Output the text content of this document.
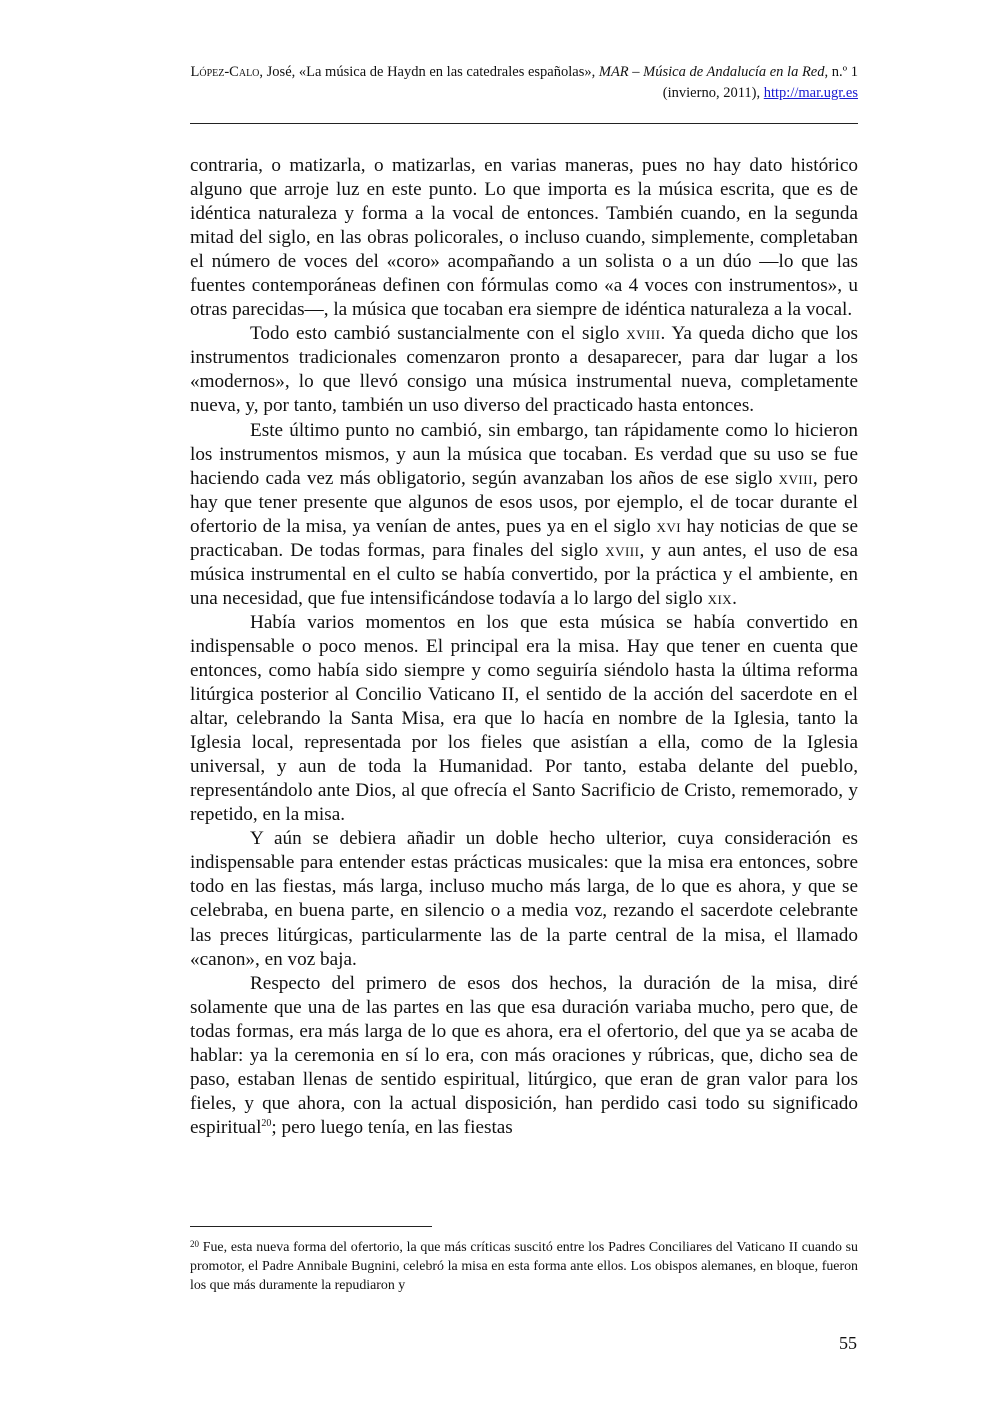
López-Calo, José, «La música de Haydn en las catedrales españolas», MAR – Música de Andalucía en la Red, n.º 1 (invierno, 2011), http://mar.ugr.es

contraria, o matizarla, o matizarlas, en varias maneras, pues no hay dato histórico alguno que arroje luz en este punto. Lo que importa es la música escrita, que es de idéntica naturaleza y forma a la vocal de entonces. También cuando, en la segunda mitad del siglo, en las obras policorales, o incluso cuando, simplemente, completaban el número de voces del «coro» acompañando a un solista o a un dúo —lo que las fuentes contemporáneas definen con fórmulas como «a 4 voces con instrumentos», u otras parecidas—, la música que tocaban era siempre de idéntica naturaleza a la vocal.

Todo esto cambió sustancialmente con el siglo xviii. Ya queda dicho que los instrumentos tradicionales comenzaron pronto a desaparecer, para dar lugar a los «modernos», lo que llevó consigo una música instrumental nueva, completamente nueva, y, por tanto, también un uso diverso del practicado hasta entonces.

Este último punto no cambió, sin embargo, tan rápidamente como lo hicieron los instrumentos mismos, y aun la música que tocaban. Es verdad que su uso se fue haciendo cada vez más obligatorio, según avanzaban los años de ese siglo xviii, pero hay que tener presente que algunos de esos usos, por ejemplo, el de tocar durante el ofertorio de la misa, ya venían de antes, pues ya en el siglo xvi hay noticias de que se practicaban. De todas formas, para finales del siglo xviii, y aun antes, el uso de esa música instrumental en el culto se había convertido, por la práctica y el ambiente, en una necesidad, que fue intensificándose todavía a lo largo del siglo xix.

Había varios momentos en los que esta música se había convertido en indispensable o poco menos. El principal era la misa. Hay que tener en cuenta que entonces, como había sido siempre y como seguiría siéndolo hasta la última reforma litúrgica posterior al Concilio Vaticano II, el sentido de la acción del sacerdote en el altar, celebrando la Santa Misa, era que lo hacía en nombre de la Iglesia, tanto la Iglesia local, representada por los fieles que asistían a ella, como de la Iglesia universal, y aun de toda la Humanidad. Por tanto, estaba delante del pueblo, representándolo ante Dios, al que ofrecía el Santo Sacrificio de Cristo, rememorado, y repetido, en la misa.

Y aún se debiera añadir un doble hecho ulterior, cuya consideración es indispensable para entender estas prácticas musicales: que la misa era entonces, sobre todo en las fiestas, más larga, incluso mucho más larga, de lo que es ahora, y que se celebraba, en buena parte, en silencio o a media voz, rezando el sacerdote celebrante las preces litúrgicas, particularmente las de la parte central de la misa, el llamado «canon», en voz baja.

Respecto del primero de esos dos hechos, la duración de la misa, diré solamente que una de las partes en las que esa duración variaba mucho, pero que, de todas formas, era más larga de lo que es ahora, era el ofertorio, del que ya se acaba de hablar: ya la ceremonia en sí lo era, con más oraciones y rúbricas, que, dicho sea de paso, estaban llenas de sentido espiritual, litúrgico, que eran de gran valor para los fieles, y que ahora, con la actual disposición, han perdido casi todo su significado espiritual$^{20}$; pero luego tenía, en las fiestas

$^{20}$ Fue, esta nueva forma del ofertorio, la que más críticas suscitó entre los Padres Conciliares del Vaticano II cuando su promotor, el Padre Annibale Bugnini, celebró la misa en esta forma ante ellos. Los obispos alemanes, en bloque, fueron los que más duramente la repudiaron y

55
